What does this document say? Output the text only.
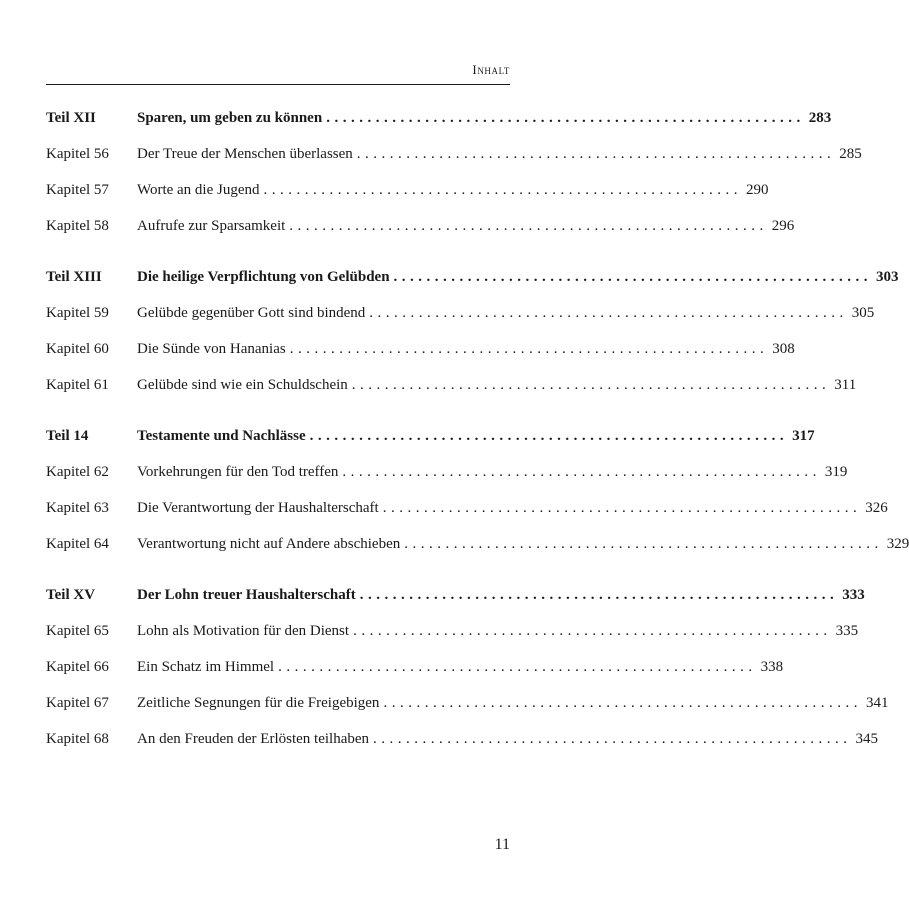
Inhalt
Teil XII	Sparen, um geben zu können .......................................................... 283
Kapitel 56	Der Treue der Menschen überlassen .......................................................... 285
Kapitel 57	Worte an die Jugend .......................................................... 290
Kapitel 58	Aufrufe zur Sparsamkeit .......................................................... 296
Teil XIII	Die heilige Verpflichtung von Gelübden .......................................................... 303
Kapitel 59	Gelübde gegenüber Gott sind bindend .......................................................... 305
Kapitel 60	Die Sünde von Hananias .......................................................... 308
Kapitel 61	Gelübde sind wie ein Schuldschein .......................................................... 311
Teil 14	Testamente und Nachlässe .......................................................... 317
Kapitel 62	Vorkehrungen für den Tod treffen .......................................................... 319
Kapitel 63	Die Verantwortung der Haushalterschaft .......................................................... 326
Kapitel 64	Verantwortung nicht auf Andere abschieben .......................................................... 329
Teil XV	Der Lohn treuer Haushalterschaft .......................................................... 333
Kapitel 65	Lohn als Motivation für den Dienst .......................................................... 335
Kapitel 66	Ein Schatz im Himmel .......................................................... 338
Kapitel 67	Zeitliche Segnungen für die Freigebigen .......................................................... 341
Kapitel 68	An den Freuden der Erlösten teilhaben .......................................................... 345
11
